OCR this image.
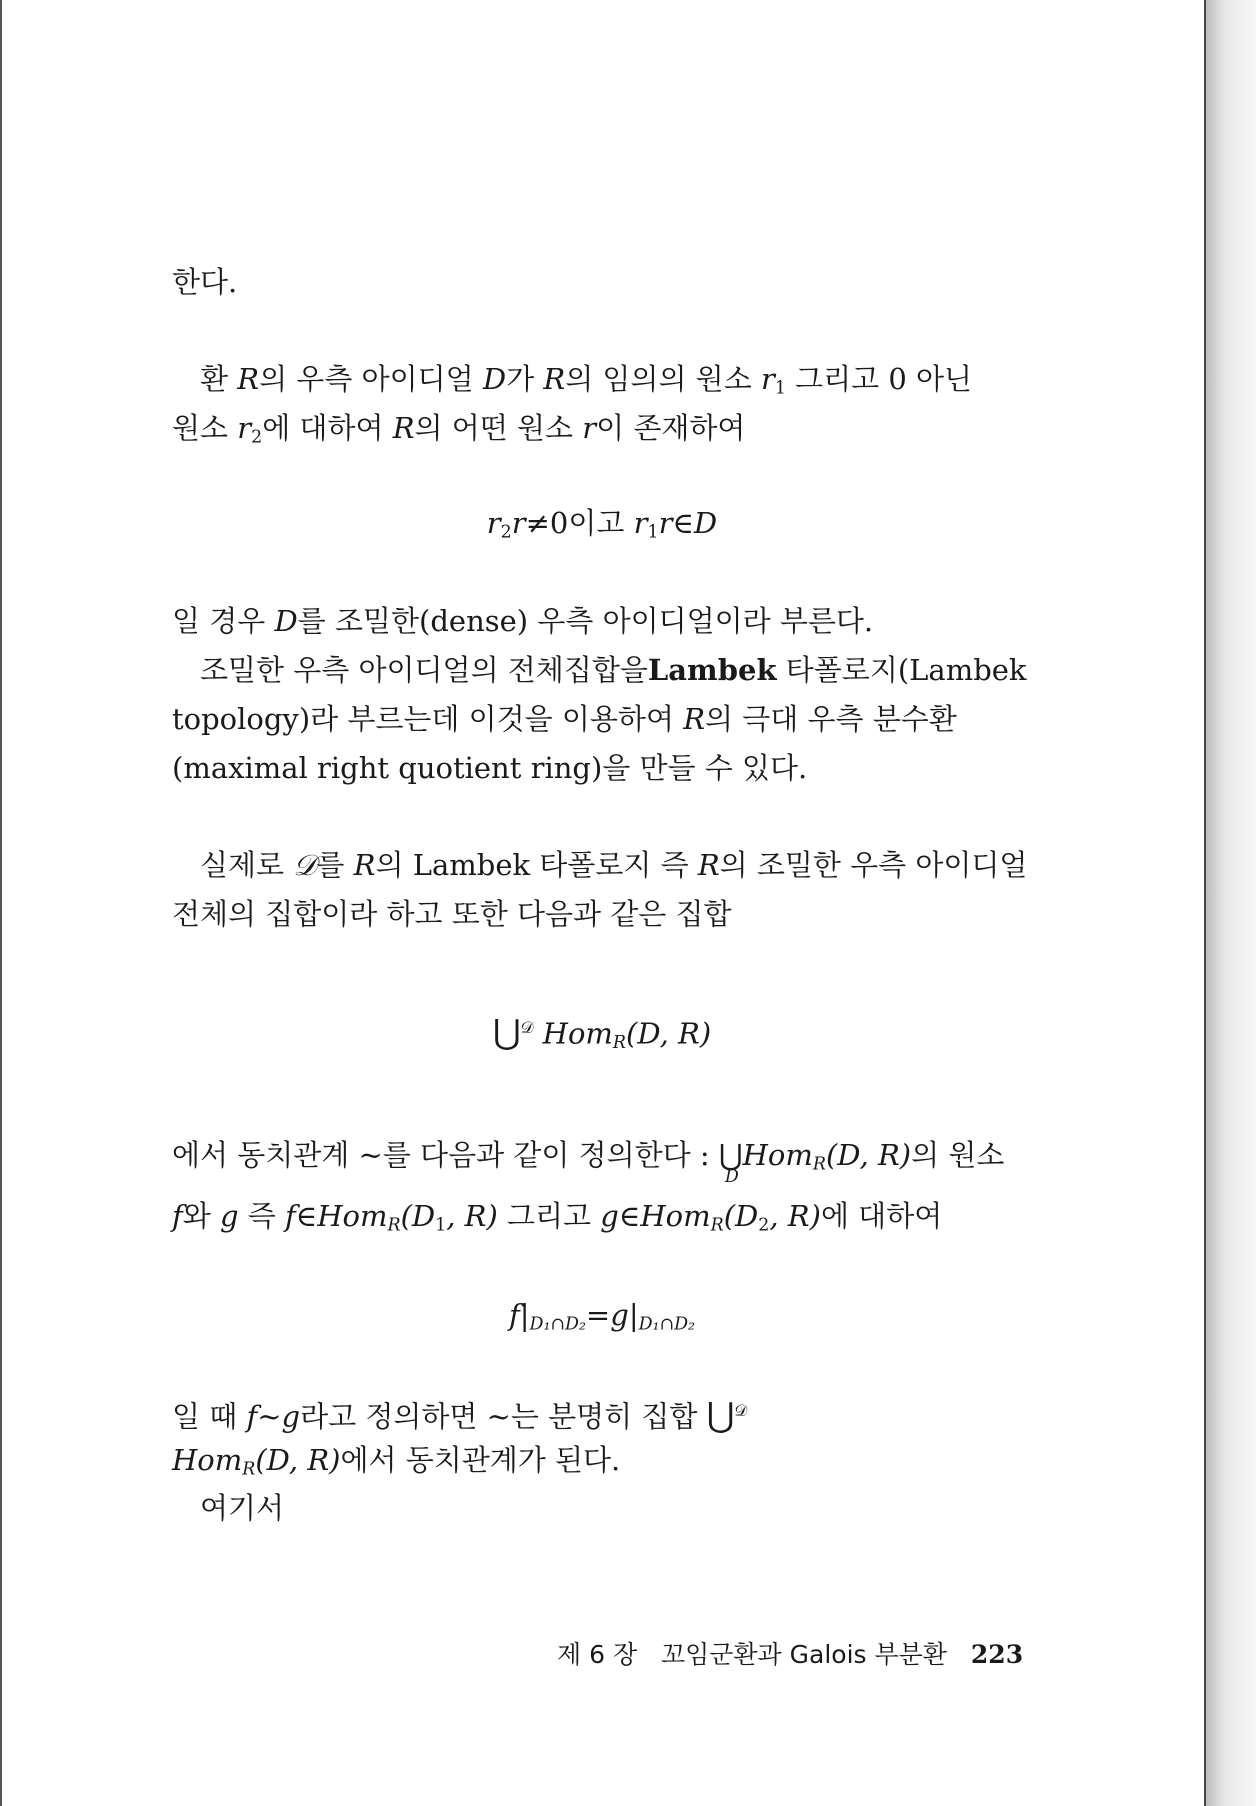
한다.
환 R의 우측 아이디얼 D가 R의 임의의 원소 $r_1$ 그리고 0 아닌
원소 $r_2$에 대하여 R의 어떤 원소 r이 존재하여
$r_2r\ne 0$이고 $r_1r\in D$
일 경우 D를 조밀한(dense) 우측 아이디얼이라 부른다.
조밀한 우측 아이디얼의 전체집합을 Lambek 타폴로지(Lambek
topology)라 부르는데 이것을 이용하여 R의 극대 우측 분수환
(maximal right quotient ring)을 만들 수 있다.
실제로 𝒟를 R의 Lambek 타폴로지 즉 R의 조밀한 우측 아이디얼
전체의 집합이라 하고 또한 다음과 같은 집합
⋃$^𝒟$ Hom$_R$(D, R)
에서 동치관계 ~를 다음과 같이 정의한다 : ⋃
D
Hom$_R$(D, R)의 원소
f와 g 즉 $f\in Hom_R(D_1$, R) 그리고 $g\in Hom_R(D_2$, R)에 대하여
$f|_{D_1\cap D_2}=g|_{D_1\cap D_2}$
일 때 f~g라고 정의하면 ~는 분명히 집합 ⋃$^𝒟$
Hom$_R$(D, R)에서 동치관계가 된다.
여기서
제 6 장 꼬임군환과 Galois 부분환 223
